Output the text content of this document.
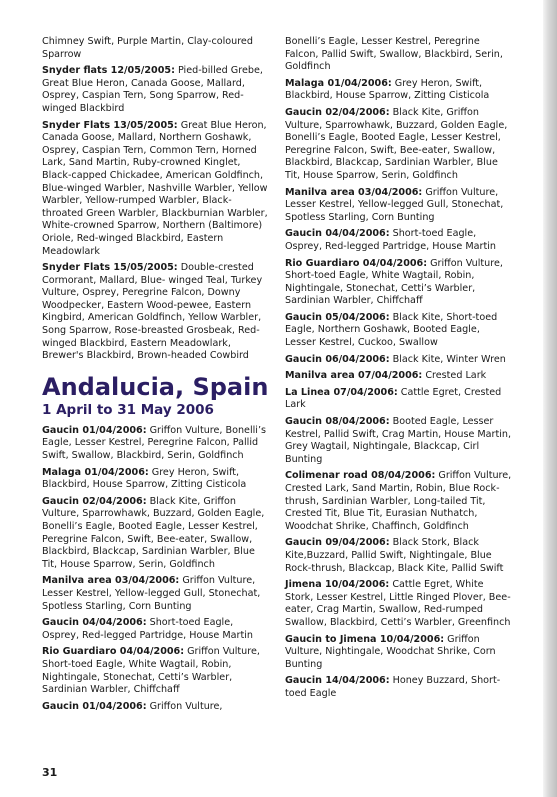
Chimney Swift, Purple Martin, Clay-coloured Sparrow

Snyder flats 12/05/2005: Pied-billed Grebe, Great Blue Heron, Canada Goose, Mallard, Osprey, Caspian Tern, Song Sparrow, Red-winged Blackbird

Snyder Flats 13/05/2005: Great Blue Heron, Canada Goose, Mallard, Northern Goshawk, Osprey, Caspian Tern, Common Tern, Horned Lark, Sand Martin, Ruby-crowned Kinglet, Black-capped Chickadee, American Goldfinch, Blue-winged Warbler, Nashville Warbler, Yellow Warbler, Yellow-rumped Warbler, Black-throated Green Warbler, Blackburnian Warbler, White-crowned Sparrow, Northern (Baltimore) Oriole, Red-winged Blackbird, Eastern Meadowlark

Snyder Flats 15/05/2005: Double-crested Cormorant, Mallard, Blue- winged Teal, Turkey Vulture, Osprey, Peregrine Falcon, Downy Woodpecker, Eastern Wood-pewee, Eastern Kingbird, American Goldfinch, Yellow Warbler, Song Sparrow, Rose-breasted Grosbeak, Red- winged Blackbird, Eastern Meadowlark, Brewer's Blackbird, Brown-headed Cowbird

Andalucia, Spain
1 April to 31 May 2006

Gaucin 01/04/2006: Griffon Vulture, Bonelli’s Eagle, Lesser Kestrel, Peregrine Falcon, Pallid Swift, Swallow, Blackbird, Serin, Goldfinch

Malaga 01/04/2006: Grey Heron, Swift, Blackbird, House Sparrow, Zitting Cisticola

Gaucin 02/04/2006: Black Kite, Griffon Vulture, Sparrowhawk, Buzzard, Golden Eagle, Bonelli’s Eagle, Booted Eagle, Lesser Kestrel, Peregrine Falcon, Swift, Bee-eater, Swallow, Blackbird, Blackcap, Sardinian Warbler, Blue Tit, House Sparrow, Serin, Goldfinch

Manilva area 03/04/2006: Griffon Vulture, Lesser Kestrel, Yellow-legged Gull, Stonechat, Spotless Starling, Corn Bunting

Gaucin 04/04/2006: Short-toed Eagle, Osprey, Red-legged Partridge, House Martin

Rio Guardiaro 04/04/2006: Griffon Vulture, Short-toed Eagle, White Wagtail, Robin, Nightingale, Stonechat, Cetti’s Warbler, Sardinian Warbler, Chiffchaff

Gaucin 01/04/2006: Griffon Vulture,

Bonelli’s Eagle, Lesser Kestrel, Peregrine Falcon, Pallid Swift, Swallow, Blackbird, Serin, Goldfinch

Malaga 01/04/2006: Grey Heron, Swift, Blackbird, House Sparrow, Zitting Cisticola

Gaucin 02/04/2006: Black Kite, Griffon Vulture, Sparrowhawk, Buzzard, Golden Eagle, Bonelli’s Eagle, Booted Eagle, Lesser Kestrel, Peregrine Falcon, Swift, Bee-eater, Swallow, Blackbird, Blackcap, Sardinian Warbler, Blue Tit, House Sparrow, Serin, Goldfinch

Manilva area 03/04/2006: Griffon Vulture, Lesser Kestrel, Yellow-legged Gull, Stonechat, Spotless Starling, Corn Bunting

Gaucin 04/04/2006: Short-toed Eagle, Osprey, Red-legged Partridge, House Martin

Rio Guardiaro 04/04/2006: Griffon Vulture, Short-toed Eagle, White Wagtail, Robin, Nightingale, Stonechat, Cetti’s Warbler, Sardinian Warbler, Chiffchaff

Gaucin 05/04/2006: Black Kite, Short-toed Eagle, Northern Goshawk, Booted Eagle, Lesser Kestrel, Cuckoo, Swallow

Gaucin 06/04/2006: Black Kite, Winter Wren

Manilva area 07/04/2006: Crested Lark

La Linea 07/04/2006: Cattle Egret, Crested Lark

Gaucin 08/04/2006: Booted Eagle, Lesser Kestrel, Pallid Swift, Crag Martin, House Martin, Grey Wagtail, Nightingale, Blackcap, Cirl Bunting

Colimenar road 08/04/2006: Griffon Vulture, Crested Lark, Sand Martin, Robin, Blue Rock-thrush, Sardinian Warbler, Long-tailed Tit, Crested Tit, Blue Tit, Eurasian Nuthatch, Woodchat Shrike, Chaffinch, Goldfinch

Gaucin 09/04/2006: Black Stork, Black Kite,Buzzard, Pallid Swift, Nightingale, Blue Rock-thrush, Blackcap, Black Kite, Pallid Swift

Jimena 10/04/2006: Cattle Egret, White Stork, Lesser Kestrel, Little Ringed Plover, Bee-eater, Crag Martin, Swallow, Red-rumped Swallow, Blackbird, Cetti’s Warbler, Greenfinch

Gaucin to Jimena 10/04/2006: Griffon Vulture, Nightingale, Woodchat Shrike, Corn Bunting

Gaucin 14/04/2006: Honey Buzzard, Short-toed Eagle

31
